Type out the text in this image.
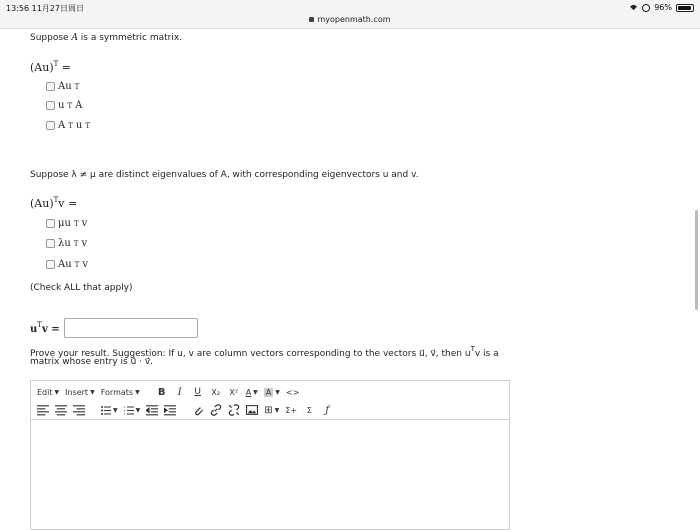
13:56 11月27日周日
myopenmath.com
96%
Suppose A is a symmetric matrix.
$(Au)^T$ =
Au T
u T A
A T u T
Suppose λ ≠ μ are distinct eigenvalues of A, with corresponding eigenvectors u and v.
$(Au)^Tv$ =
μu T v
λu T v
Au T v
(Check ALL that apply)
$u^Tv$ =
Prove your result. Suggestion: If u, v are column vectors corresponding to the vectors u⃗, v⃗, then $u^Tv$ is a
matrix whose entry is u⃗ · v⃗.
Edit ▼ Insert ▼ Formats ▼ B	I	U	X₂ X² A ▼ A ▼ <>
▼	▼	⊞ ▼ Σ+	Σ	ƒ
